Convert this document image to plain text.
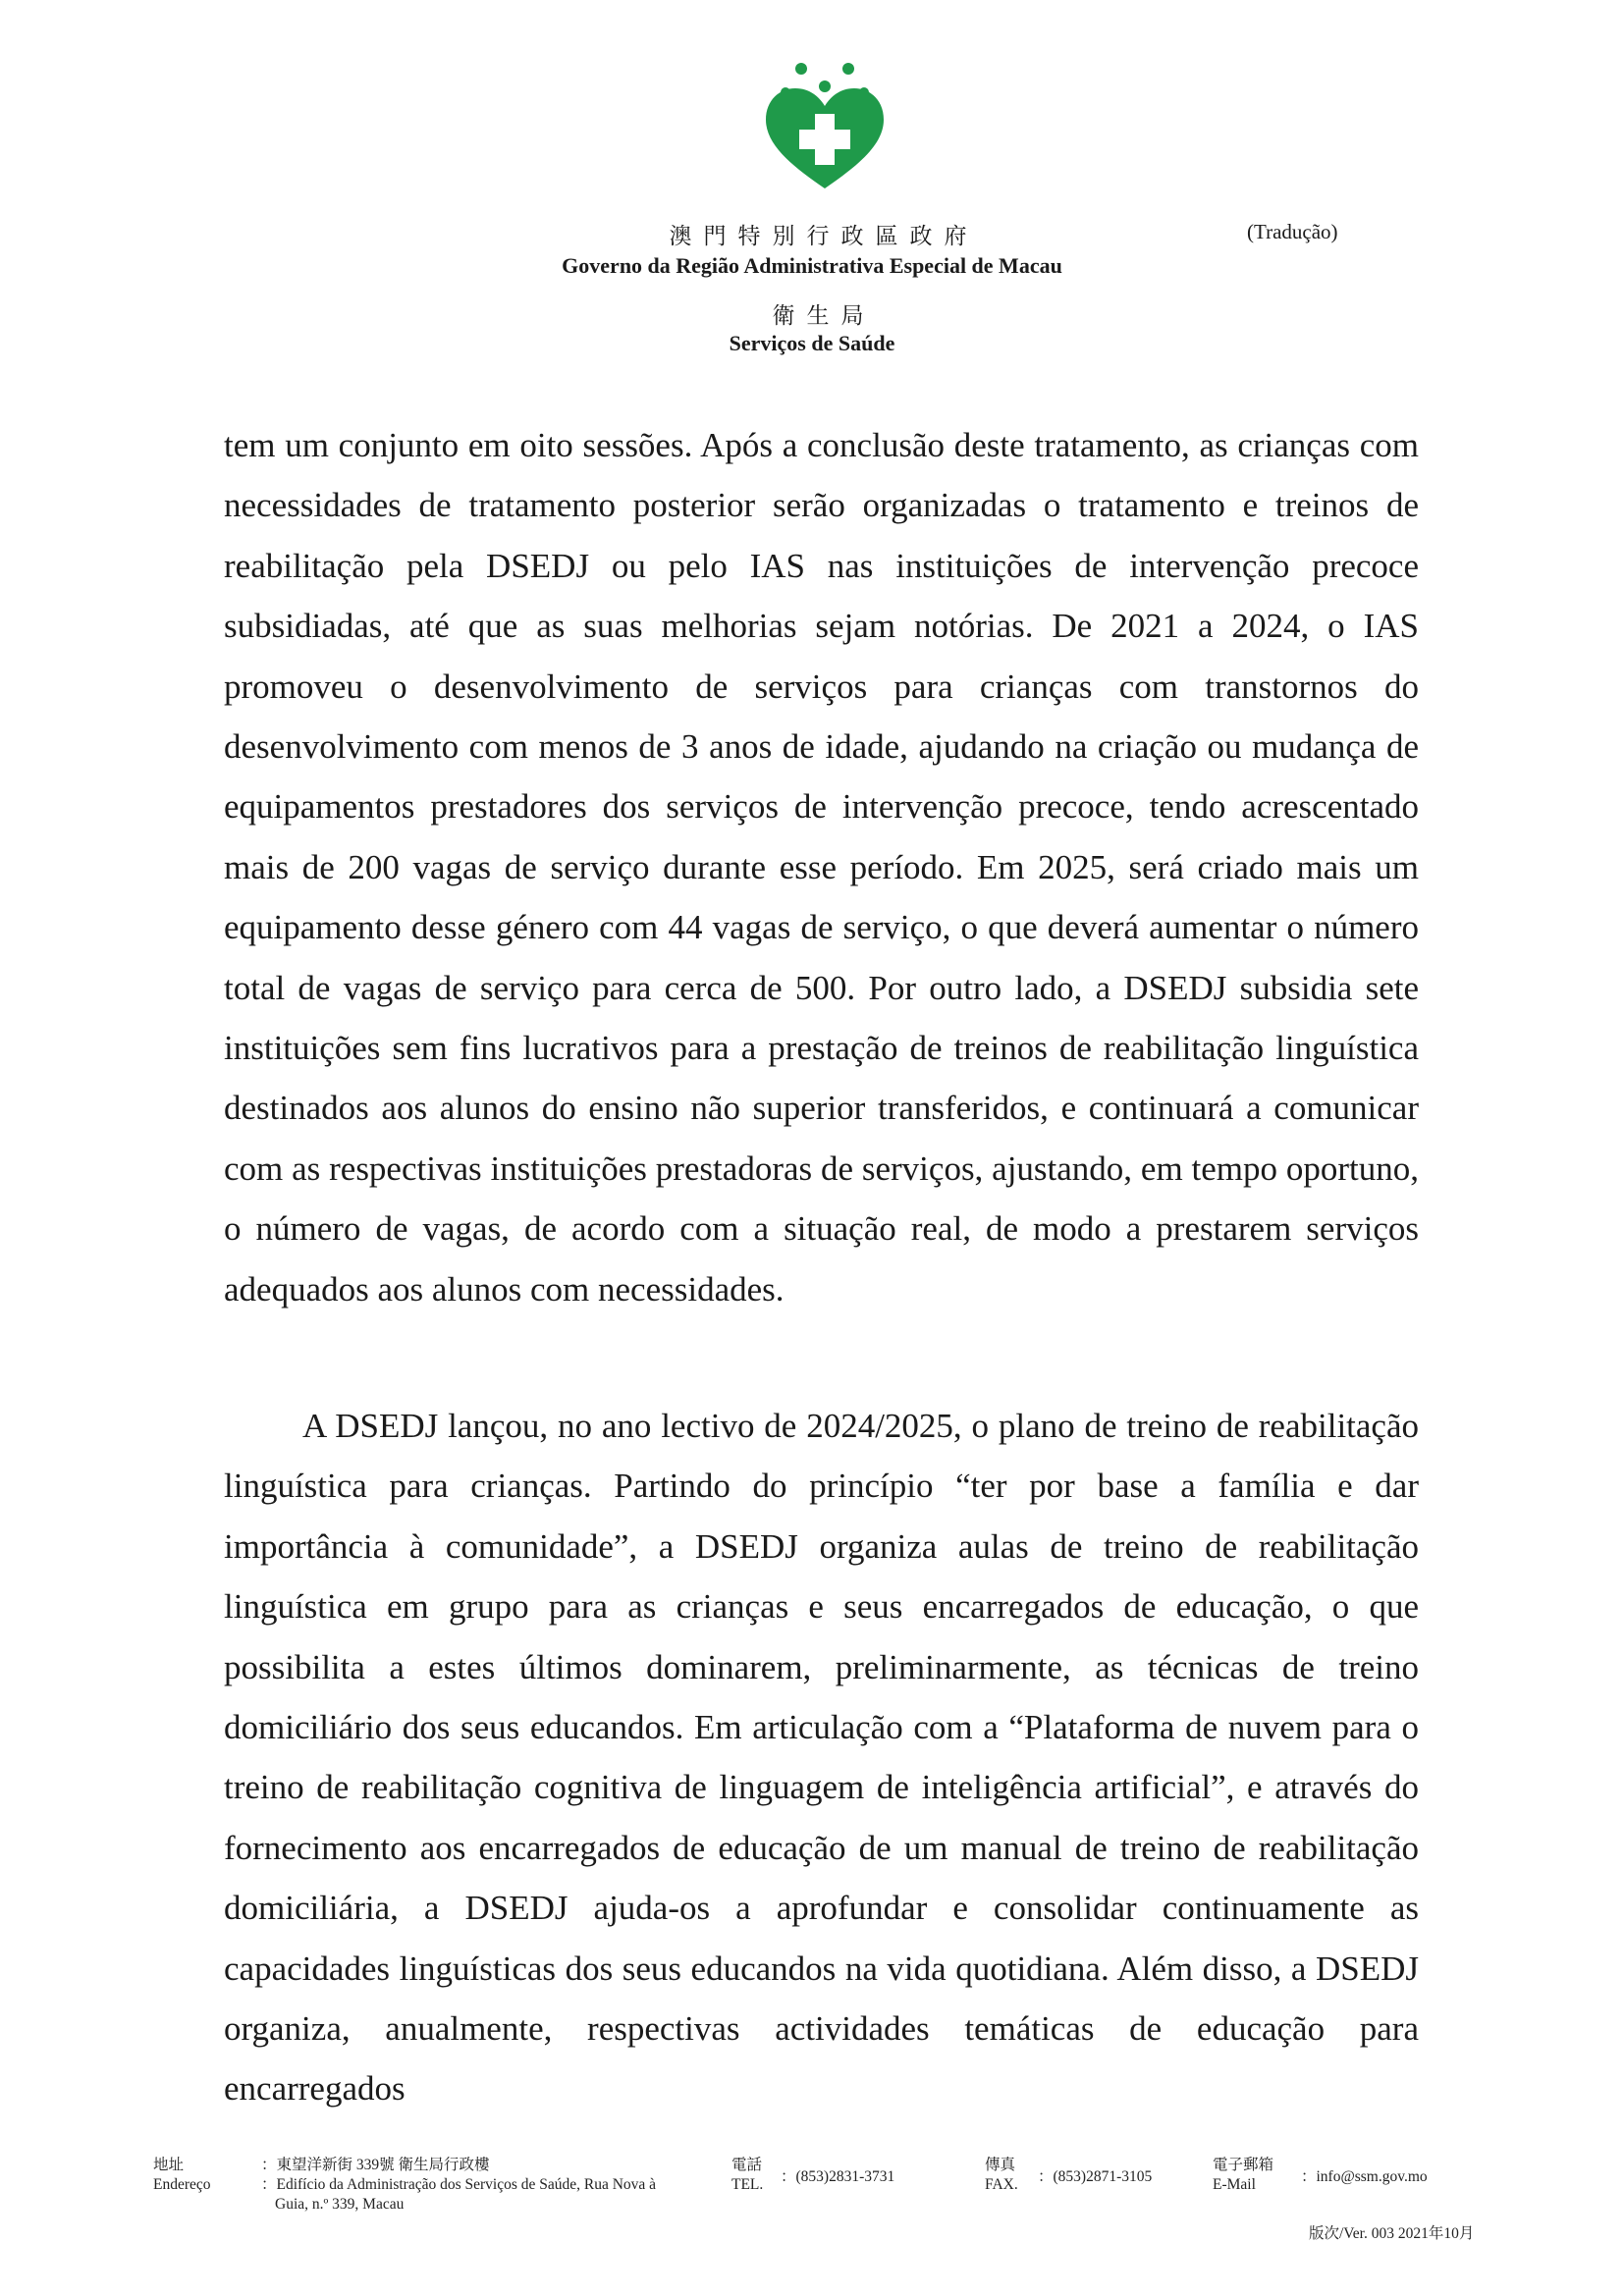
澳門特別行政區政府
Governo da Região Administrativa Especial de Macau
衛生局
Serviços de Saúde
(Tradução)

tem um conjunto em oito sessões. Após a conclusão deste tratamento, as crianças com necessidades de tratamento posterior serão organizadas o tratamento e treinos de reabilitação pela DSEDJ ou pelo IAS nas instituições de intervenção precoce subsidiadas, até que as suas melhorias sejam notórias. De 2021 a 2024, o IAS promoveu o desenvolvimento de serviços para crianças com transtornos do desenvolvimento com menos de 3 anos de idade, ajudando na criação ou mudança de equipamentos prestadores dos serviços de intervenção precoce, tendo acrescentado mais de 200 vagas de serviço durante esse período. Em 2025, será criado mais um equipamento desse género com 44 vagas de serviço, o que deverá aumentar o número total de vagas de serviço para cerca de 500. Por outro lado, a DSEDJ subsidia sete instituições sem fins lucrativos para a prestação de treinos de reabilitação linguística destinados aos alunos do ensino não superior transferidos, e continuará a comunicar com as respectivas instituições prestadoras de serviços, ajustando, em tempo oportuno, o número de vagas, de acordo com a situação real, de modo a prestarem serviços adequados aos alunos com necessidades.

A DSEDJ lançou, no ano lectivo de 2024/2025, o plano de treino de reabilitação linguística para crianças. Partindo do princípio “ter por base a família e dar importância à comunidade”, a DSEDJ organiza aulas de treino de reabilitação linguística em grupo para as crianças e seus encarregados de educação, o que possibilita a estes últimos dominarem, preliminarmente, as técnicas de treino domiciliário dos seus educandos. Em articulação com a “Plataforma de nuvem para o treino de reabilitação cognitiva de linguagem de inteligência artificial”, e através do fornecimento aos encarregados de educação de um manual de treino de reabilitação domiciliária, a DSEDJ ajuda-os a aprofundar e consolidar continuamente as capacidades linguísticas dos seus educandos na vida quotidiana. Além disso, a DSEDJ organiza, anualmente, respectivas actividades temáticas de educação para encarregados

地址
Endereço
：東望洋新街 339號 衛生局行政樓
：Edifício da Administração dos Serviços de Saúde, Rua Nova à
Guia, n.º 339, Macau
電話
TEL. ：(853)2831-3731
傳真
FAX. ：(853)2871-3105
電子郵箱
E-Mail	：info@ssm.gov.mo
版次/Ver. 003 2021年10月
